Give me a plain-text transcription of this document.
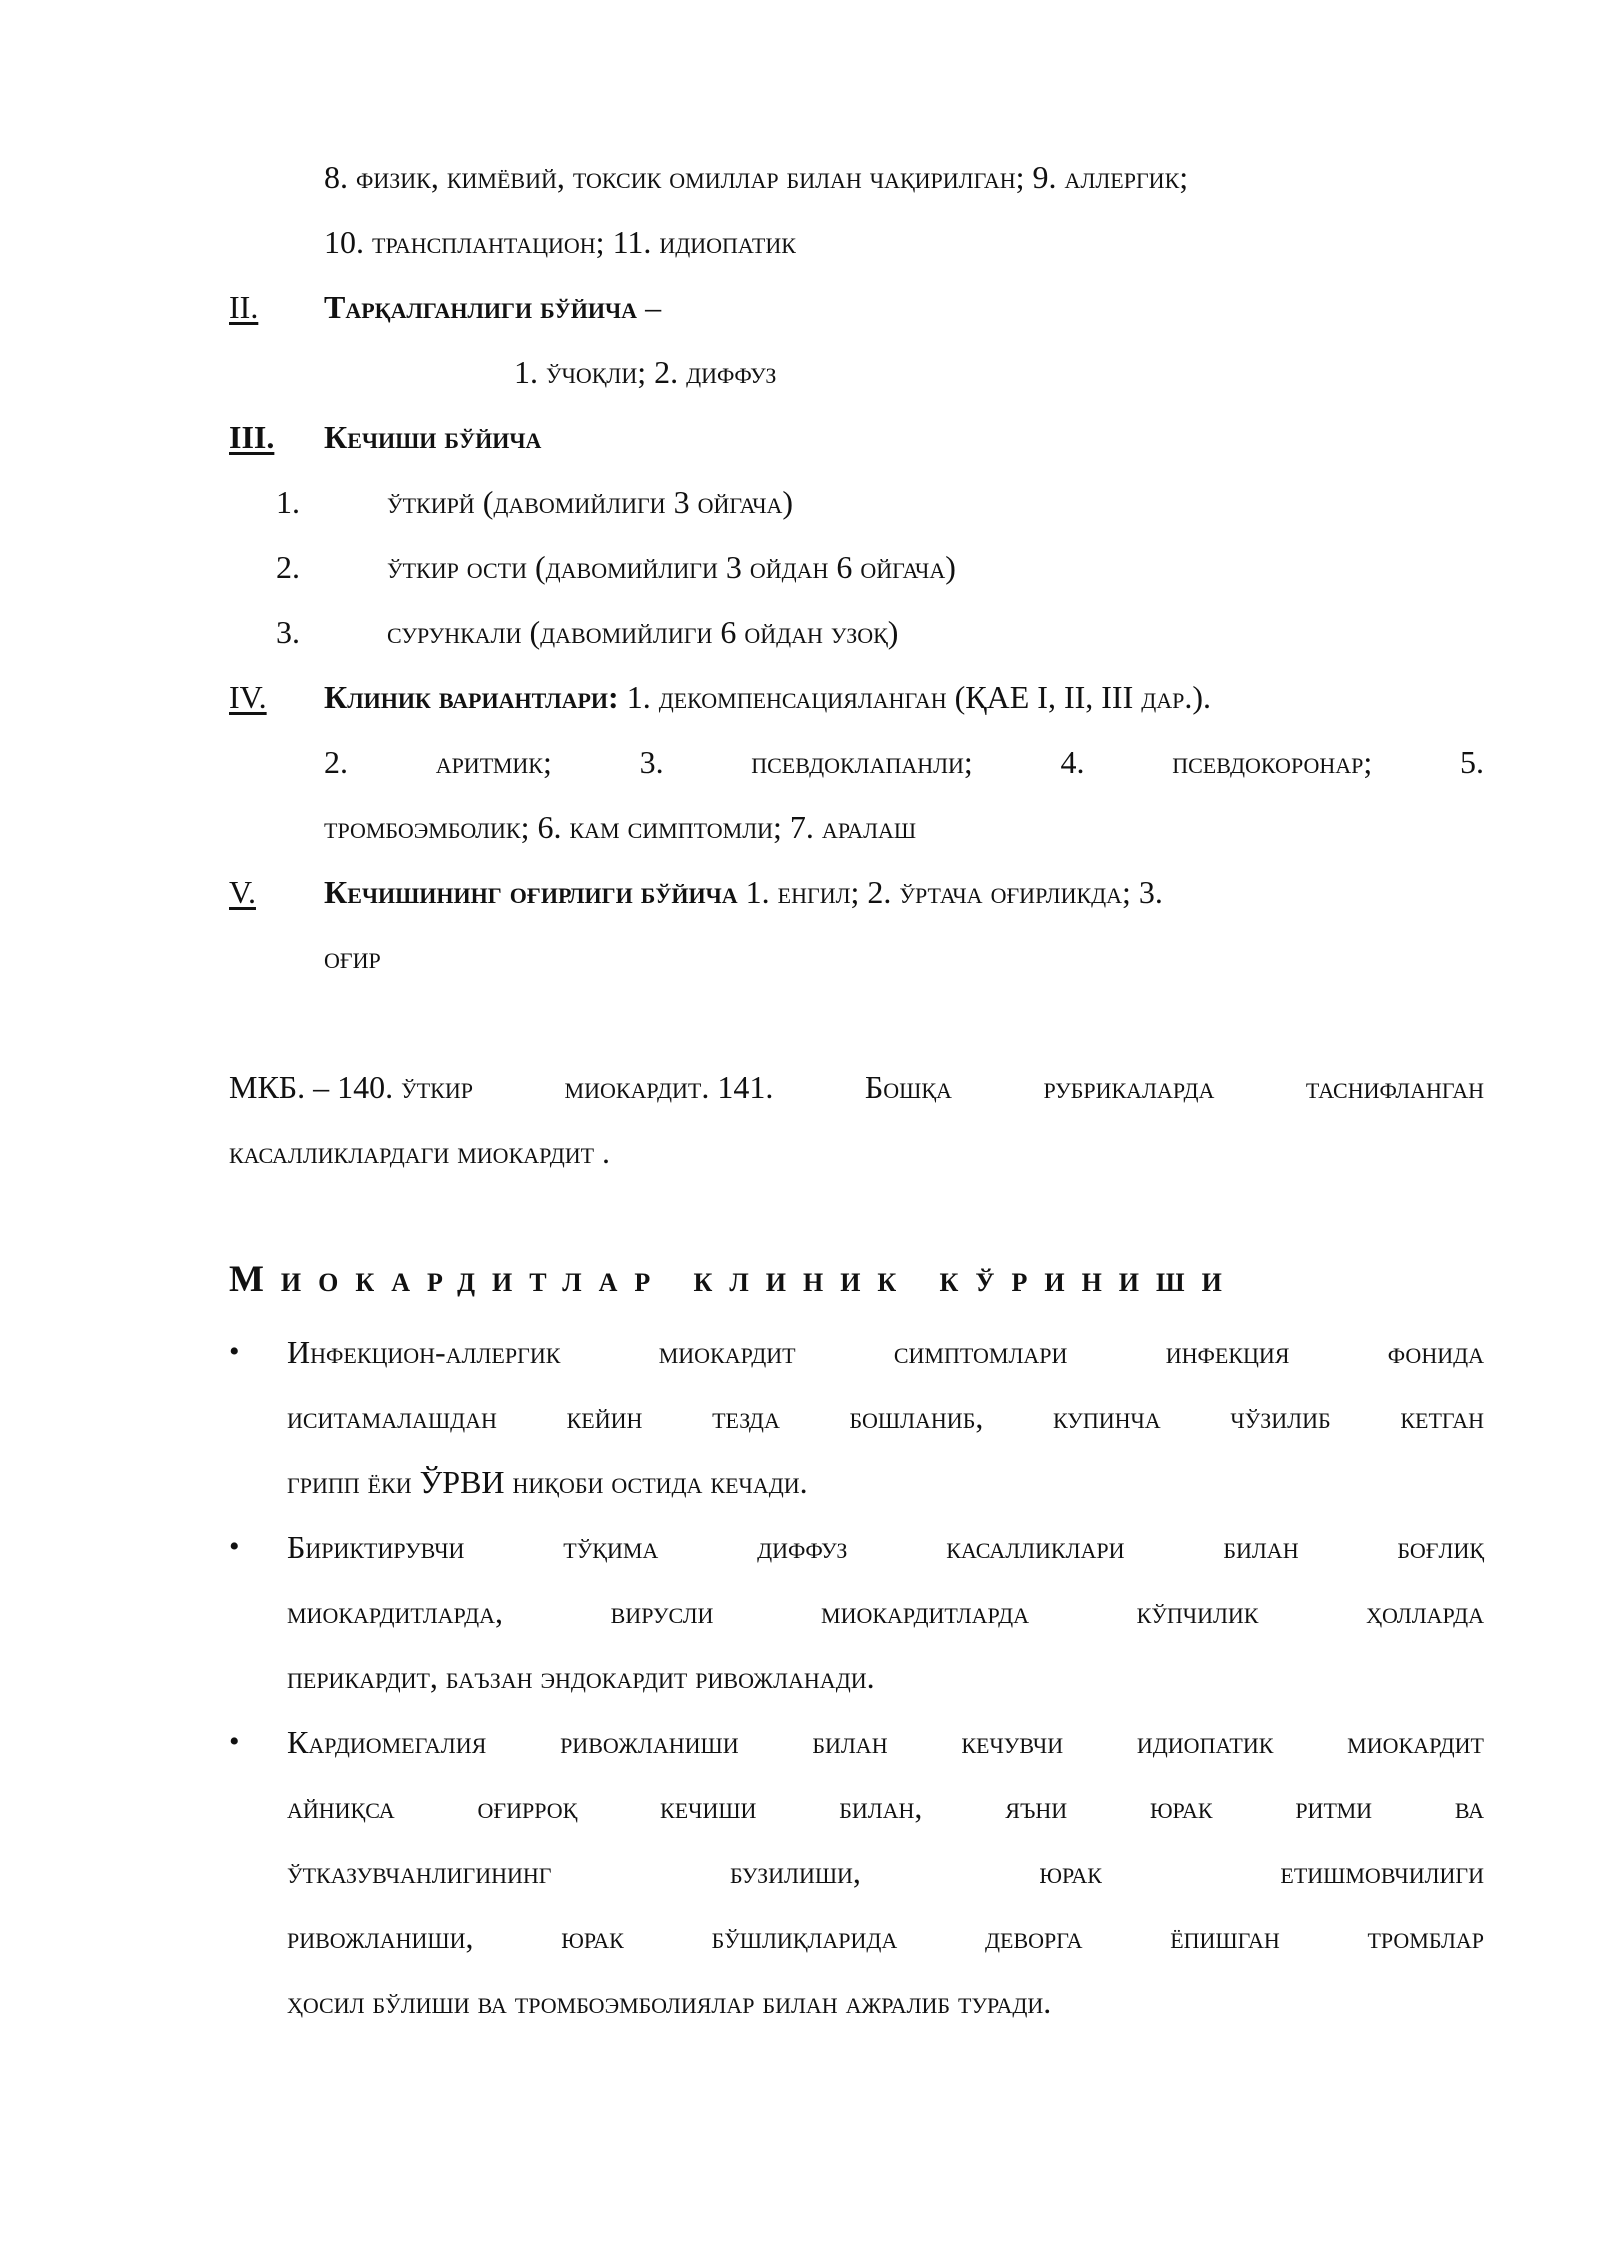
8. физик, кимёвий, токсик омиллар билан чақирилган; 9. аллергик;
10. трансплантацион; 11. идиопатик
II. Тарқалганлиги бўйича –
1. ўчоқли; 2. диффуз
III. Кечиши бўйича
1.	ўткирй (давомийлиги 3 ойгача)
2.	ўткир ости (давомийлиги 3 ойдан 6 ойгача)
3.	сурункали (давомийлиги 6 ойдан узоқ)
IV. Клиник вариантлари: 1. декомпенсацияланган (ҚАЕ I, II, III дар.).
2.	аритмик;	3.	псевдоклапанли;	4.	псевдокоронар;	5.
тромбоэмболик; 6. кам симптомли; 7. аралаш
V. Кечишининг оғирлиги бўйича 1. енгил; 2. ўртача оғирликда; 3.
оғир
МКБ. – 140. ўткир	миокардит. 141.	Бошқа	рубрикаларда	таснифланган
касалликлардаги миокардит .
Миокардитлар клиник кўриниши
• Инфекцион-аллергик миокардит симптомлари инфекция фонида
иситамалашдан кейин тезда бошланиб, купинча чўзилиб кетган
грипп ёки ЎРВИ ниқоби остида кечади.
• Бириктирувчи тўқима диффуз касалликлари билан боғлиқ
миокардитларда, вирусли миокардитларда кўпчилик ҳолларда
перикардит, баъзан эндокардит ривожланади.
• Кардиомегалия ривожланиши билан кечувчи идиопатик миокардит
айниқса оғирроқ кечиши билан, яъни юрак ритми ва
ўтказувчанлигининг бузилиши, юрак етишмовчилиги
ривожланиши, юрак бўшлиқларида деворга ёпишган тромблар
ҳосил бўлиши ва тромбоэмболиялар билан ажралиб туради.
